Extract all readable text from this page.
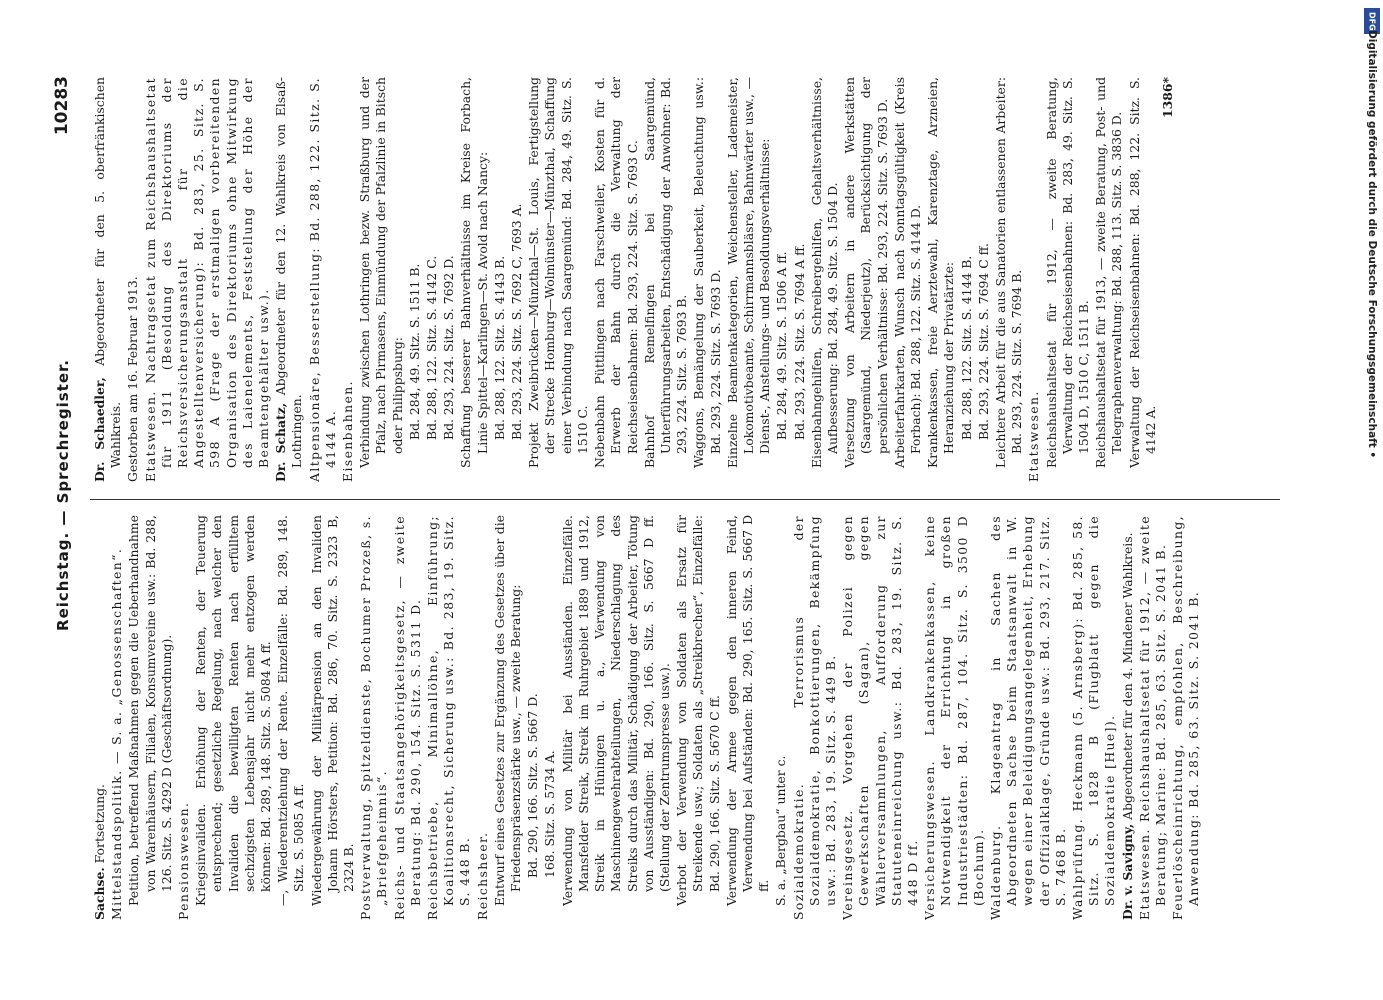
Reichstag. — Sprechregister.
10283

Sachse. Fortsetzung. Mittelstandspolitik. — S. a. „Genossenschaften“. Petition, betreffend Maßnahmen gegen die Ueberhandnahme von Warenhäusern, Filialen, Konsumvereine usw.: Bd. 288, 126. Sitz. S. 4292 D (Geschäftsordnung). Pensionswesen. Kriegsinvaliden. Erhöhung der Renten, der Teuerung entsprechend; gesetzliche Regelung, nach welcher den Invaliden die bewilligten Renten nach erfülltem sechzigsten Lebensjahr nicht mehr entzogen werden können: Bd. 289, 148. Sitz. S. 5084 A ff. —, Wiederentziehung der Rente. Einzelfälle: Bd. 289, 148. Sitz. S. 5085 A ff. Wiedergewährung der Militärpension an den Invaliden Johann Hörsters, Petition: Bd. 286, 70. Sitz. S. 2323 B, 2324 B. Postverwaltung, Spitzeldienste, Bochumer Prozeß, s. „Briefgeheimnis“. Reichs- und Staatsangehörigkeitsgesetz, — zweite Beratung: Bd. 290, 154. Sitz. S. 5311 D. Reichsbetriebe, Minimallöhne, Einführung; Koalitionsrecht, Sicherung usw.: Bd. 283, 19. Sitz. S. 448 B. Reichsheer. Entwurf eines Gesetzes zur Ergänzung des Gesetzes über die Friedenspräsenzstärke usw., — zweite Beratung: Bd. 290, 166. Sitz. S. 5667 D. 168. Sitz. S. 5734 A. Verwendung von Militär bei Ausständen. Einzelfälle. Mansfelder Streik, Streik im Ruhrgebiet 1889 und 1912, Streik in Hüningen u. a., Verwendung von Maschinengewehrabteilungen, Niederschlagung des Streiks durch das Militär, Schädigung der Arbeiter, Tötung von Ausständigen: Bd. 290, 166. Sitz. S. 5667 D ff. (Stellung der Zentrumspresse usw.). Verbot der Verwendung von Soldaten als Ersatz für Streikende usw.; Soldaten als „Streikbrecher“, Einzelfälle: Bd. 290, 166. Sitz. S. 5670 C ff. Verwendung der Armee gegen den inneren Feind, Verwendung bei Aufständen: Bd. 290, 165. Sitz. S. 5667 D ff. S. a. „Bergbau“ unter c. Sozialdemokratie. Terrorismus der Sozialdemokratie, Bonkottierungen, Bekämpfung usw.: Bd. 283, 19. Sitz. S. 449 B. Vereinsgesetz. Vorgehen der Polizei gegen Gewerkschaften (Sagan), gegen Wählerversammlungen, Aufforderung zur Statuteneinreichung usw.: Bd. 283, 19. Sitz. S. 448 D ff. Versicherungswesen. Landkrankenkassen, keine Notwendigkeit der Errichtung in großen Industriestädten: Bd. 287, 104. Sitz. S. 3500 D (Bochum). Waldenburg. Klageantrag in Sachen des Abgeordneten Sachse beim Staatsanwalt in W. wegen einer Beleidigungsangelegenheit, Erhebung der Offizialklage, Gründe usw.: Bd. 293, 217. Sitz. S. 7468 B. Wahlprüfung. Heckmann (5. Arnsberg): Bd. 285, 58. Sitz. S. 1828 B (Flugblatt gegen die Sozialdemokratie [Hue]). Dr. v. Savigny, Abgeordneter für den 4. Mindener Wahlkreis. Etatswesen. Reichshaushaltsetat für 1912, — zweite Beratung; Marine: Bd. 285, 63. Sitz. S. 2041 B. Feuerlöscheinrichtung, empfohlen, Beschreibung, Anwendung: Bd. 285, 63. Sitz. S. 2041 B.

Dr. Schaedler, Abgeordneter für den 5. oberfränkischen Wahlkreis. Gestorben am 16. Februar 1913. Etatswesen. Nachtragsetat zum Reichshaushaltsetat für 1911 (Besoldung des Direktoriums der Reichsversicherungsanstalt für die Angestelltenversicherung): Bd. 283, 25. Sitz. S. 598 A (Frage der erstmaligen vorbereitenden Organisation des Direktoriums ohne Mitwirkung des Laienelements, Feststellung der Höhe der Beamtengehälter usw.). Dr. Schatz, Abgeordneter für den 12. Wahlkreis von Elsaß-Lothringen. Altpensionäre, Besserstellung: Bd. 288, 122. Sitz. S. 4144 A. Eisenbahnen. Verbindung zwischen Lothringen bezw. Straßburg und der Pfalz, nach Pirmasens, Einmündung der Pfalzlinie in Bitsch oder Philippsburg: Bd. 284, 49. Sitz. S. 1511 B. Bd. 288, 122. Sitz. S. 4142 C. Bd. 293, 224. Sitz. S. 7692 D. Schaffung besserer Bahnverhältnisse im Kreise Forbach, Linie Spittel—Karlingen—St. Avold nach Nancy: Bd. 288, 122. Sitz. S. 4143 B. Bd. 293, 224. Sitz. S. 7692 C, 7693 A. Projekt Zweibrücken—Münzthal—St. Louis, Fertigstellung der Strecke Homburg—Wolmünster—Münzthal, Schaffung einer Verbindung nach Saargemünd: Bd. 284, 49. Sitz. S. 1510 C. Nebenbahn Püttlingen nach Farschweiler, Kosten für d. Erwerb der Bahn durch die Verwaltung der Reichseisenbahnen: Bd. 293, 224. Sitz. S. 7693 C. Bahnhof Remelfingen bei Saargemünd, Unterführungsarbeiten, Entschädigung der Anwohner: Bd. 293, 224. Sitz. S. 7693 B. Waggons, Bemängelung der Sauberkeit, Beleuchtung usw.: Bd. 293, 224. Sitz. S. 7693 D. Einzelne Beamtenkategorien, Weichensteller, Lademeister, Lokomotivbeamte, Schirrmannsbläsre, Bahnwärter usw., — Dienst-, Anstellungs- und Besoldungsverhältnisse: Bd. 284, 49. Sitz. S. 1506 A ff. Bd. 293, 224. Sitz. S. 7694 A ff. Eisenbahngehilfen, Schreibergehilfen, Gehaltsverhältnisse, Aufbesserung: Bd. 284, 49. Sitz. S. 1504 D. Versetzung von Arbeitern in andere Werkstätten (Saargemünd, Niederjeutz), Berücksichtigung der persönlichen Verhältnisse: Bd. 293, 224. Sitz. S. 7693 D. Arbeiterfahrkarten, Wunsch nach Sonntagsgültigkeit (Kreis Forbach): Bd. 288, 122. Sitz. S. 4144 D. Krankenkassen, freie Aerztewahl, Karenztage, Arzneien, Heranziehung der Privatärzte: Bd. 288, 122. Sitz. S. 4144 B. Bd. 293, 224. Sitz. S. 7694 C ff. Leichtere Arbeit für die aus Sanatorien entlassenen Arbeiter: Bd. 293, 224. Sitz. S. 7694 B. Etatswesen. Reichshaushaltsetat für 1912, — zweite Beratung, Verwaltung der Reichseisenbahnen: Bd. 283, 49. Sitz. S. 1504 D, 1510 C, 1511 B. Reichshaushaltsetat für 1913, — zweite Beratung, Post- und Telegraphenverwaltung: Bd. 288, 113. Sitz. S. 3836 D. Verwaltung der Reichseisenbahnen: Bd. 288, 122. Sitz. S. 4142 A.

1386*

DFG
Digitalisierung gefördert durch die Deutsche Forschungsgemeinschaft •
